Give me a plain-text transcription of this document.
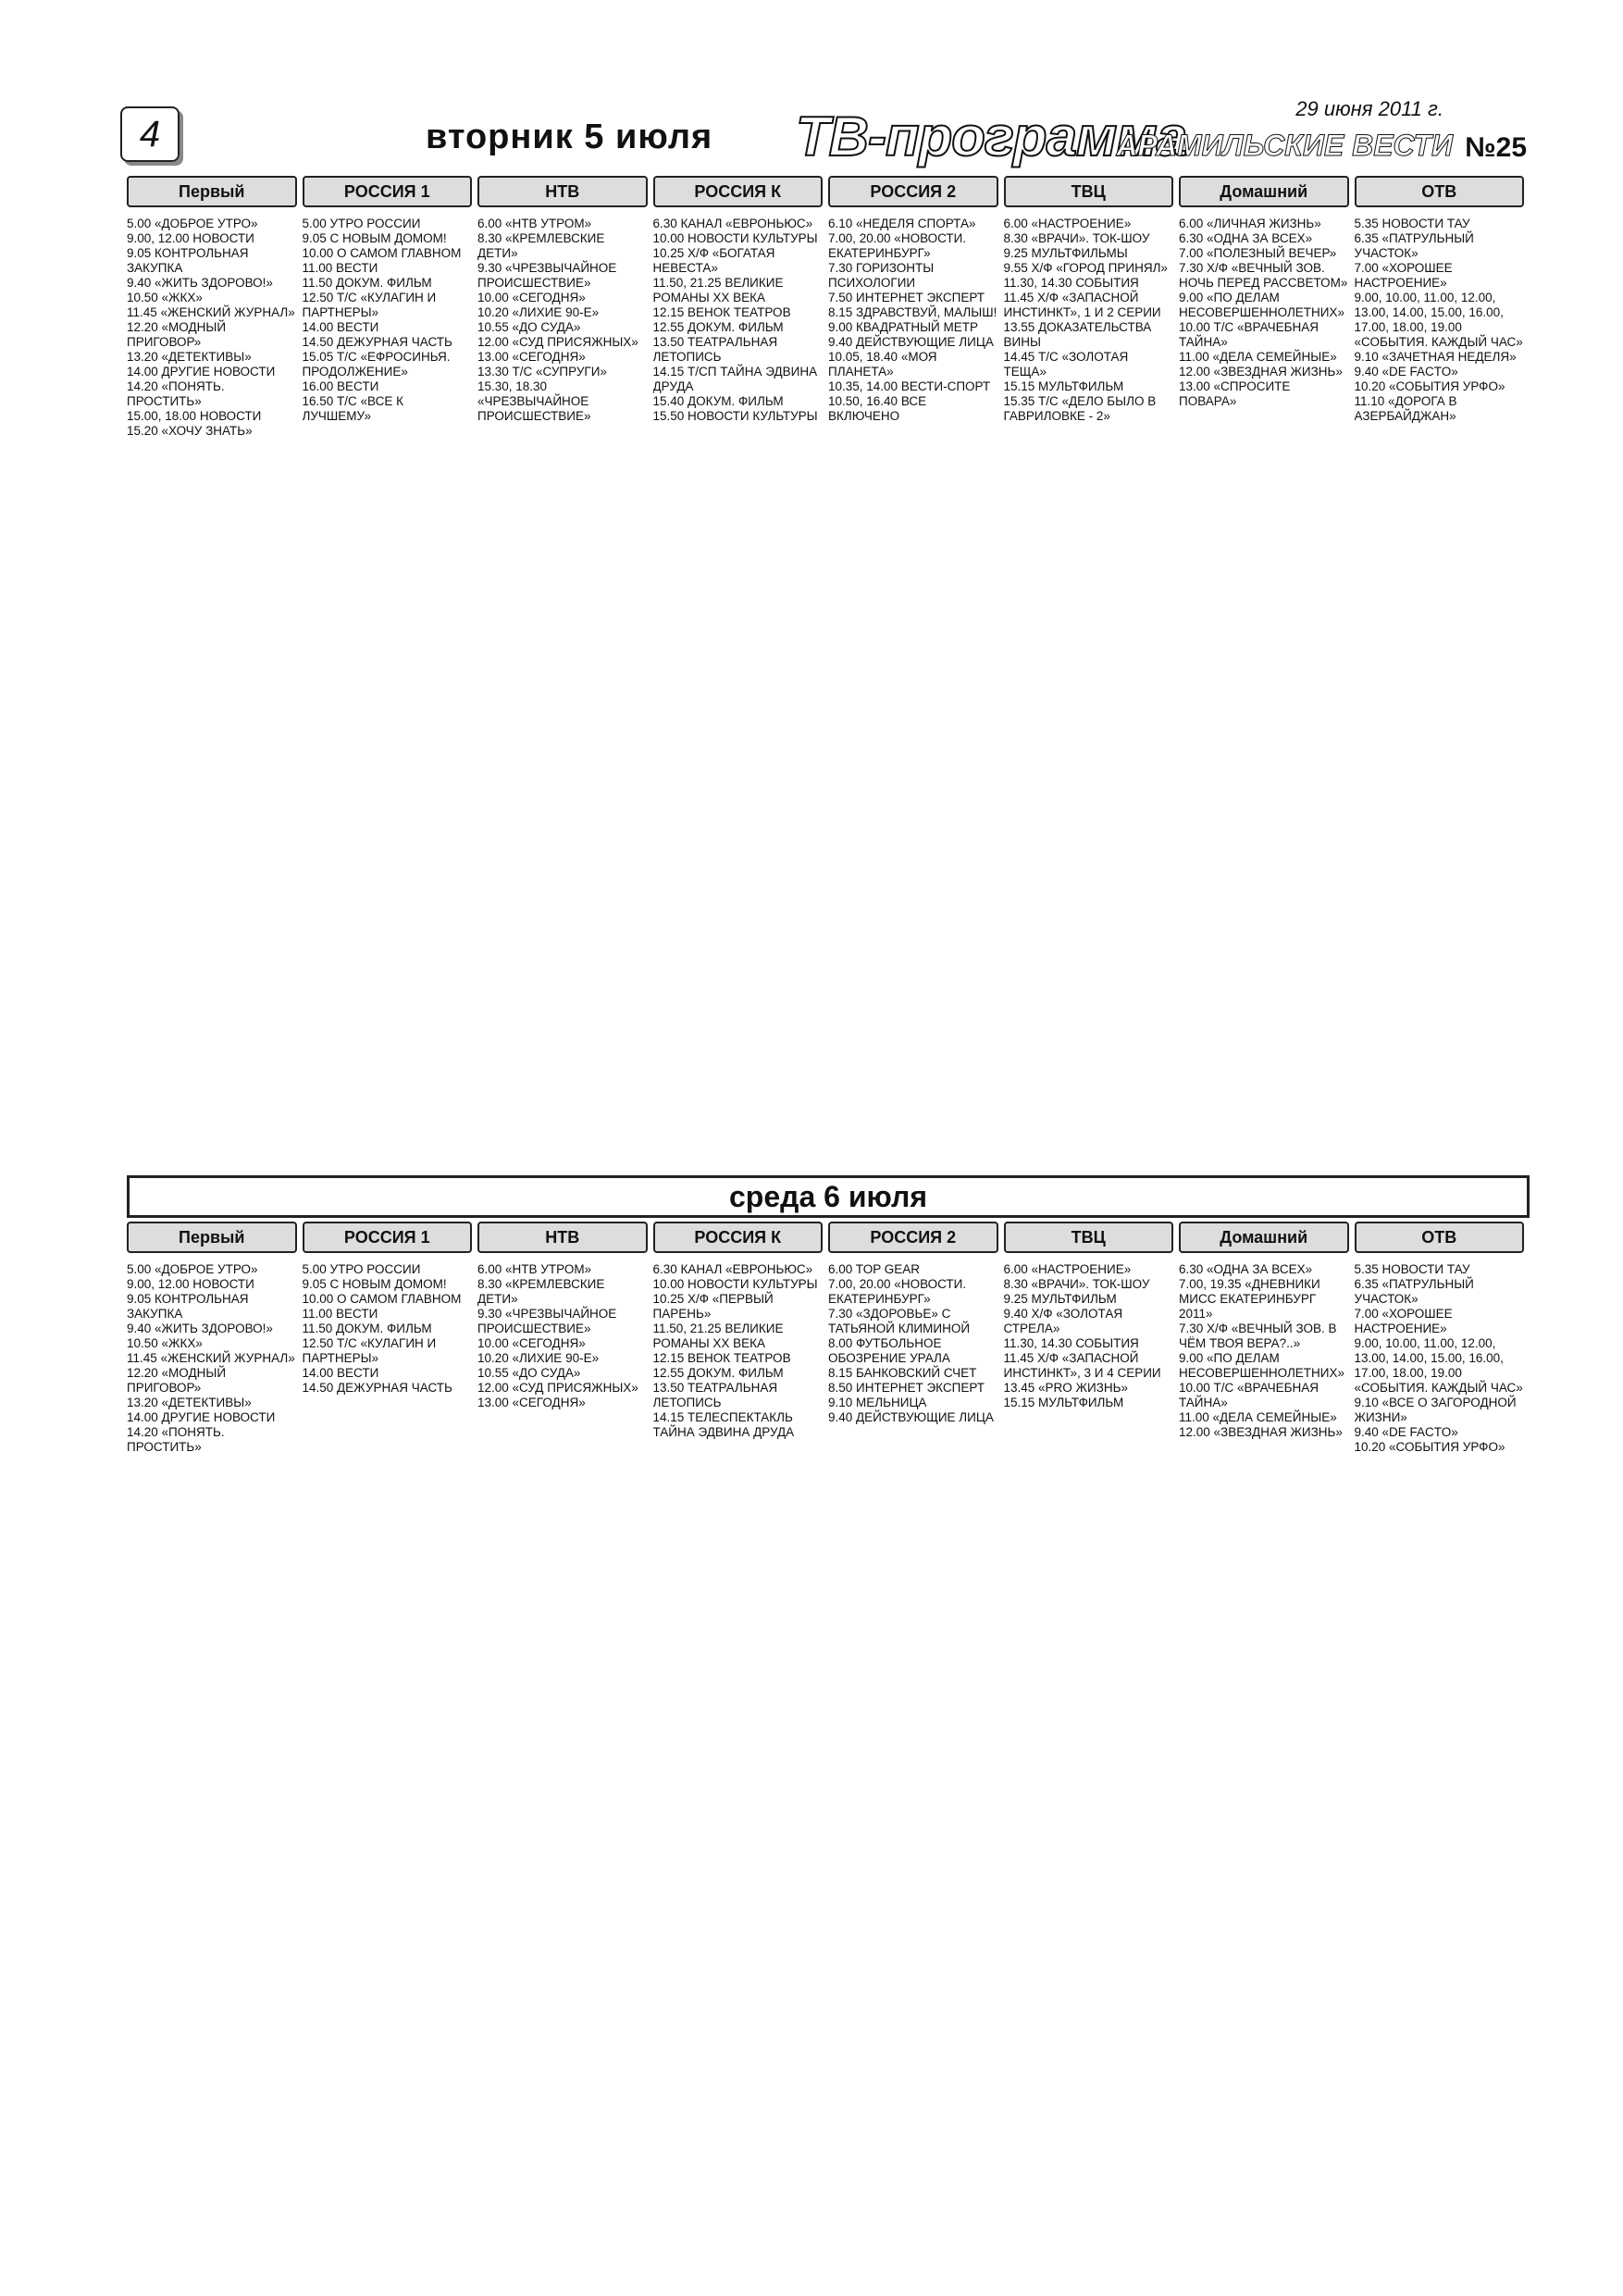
4	вторник 5 июля ТВ-программа	29 июня 2011 г.
АРАМИЛЬСКИЕ ВЕСТИ №25
Первый
5.00 «ДОБРОЕ УТРО»
9.00, 12.00 НОВОСТИ
9.05 КОНТРОЛЬНАЯ ЗАКУПКА
9.40 «ЖИТЬ ЗДОРОВО!»
10.50 «ЖКХ»
11.45 «ЖЕНСКИЙ ЖУРНАЛ»
12.20 «МОДНЫЙ ПРИГОВОР»
13.20 «ДЕТЕКТИВЫ»
14.00 ДРУГИЕ НОВОСТИ
14.20 «ПОНЯТЬ. ПРОСТИТЬ»
15.00, 18.00 НОВОСТИ
15.20 «ХОЧУ ЗНАТЬ»
РОССИЯ 1
5.00 УТРО РОССИИ
9.05 С НОВЫМ ДОМОМ!
10.00 О САМОМ ГЛАВНОМ
11.00 ВЕСТИ
11.50 ДОКУМ. ФИЛЬМ
12.50 Т/С «КУЛАГИН И ПАРТНЕРЫ»
14.00 ВЕСТИ
14.50 ДЕЖУРНАЯ ЧАСТЬ
15.05 Т/С «ЕФРОСИНЬЯ. ПРОДОЛЖЕНИЕ»
16.00 ВЕСТИ
16.50 Т/С «ВСЕ К ЛУЧШЕМУ»
НТВ
6.00 «НТВ УТРОМ»
8.30 «КРЕМЛЕВСКИЕ ДЕТИ»
9.30 «ЧРЕЗВЫЧАЙНОЕ ПРОИСШЕСТВИЕ»
10.00 «СЕГОДНЯ»
10.20 «ЛИХИЕ 90-Е»
10.55 «ДО СУДА»
12.00 «СУД ПРИСЯЖНЫХ»
13.00 «СЕГОДНЯ»
13.30 Т/С «СУПРУГИ»
15.30, 18.30 «ЧРЕЗВЫЧАЙНОЕ ПРОИСШЕСТВИЕ»
РОССИЯ К
6.30 КАНАЛ «ЕВРОНЬЮС»
10.00 НОВОСТИ КУЛЬТУРЫ
10.25 Х/Ф «БОГАТАЯ НЕВЕСТА»
11.50, 21.25 ВЕЛИКИЕ РОМАНЫ XX ВЕКА
12.15 ВЕНОК ТЕАТРОВ
12.55 ДОКУМ. ФИЛЬМ
13.50 ТЕАТРАЛЬНАЯ ЛЕТОПИСЬ
14.15 Т/СП ТАЙНА ЭДВИНА ДРУДА
15.40 ДОКУМ. ФИЛЬМ
15.50 НОВОСТИ КУЛЬТУРЫ
РОССИЯ 2
6.10 «НЕДЕЛЯ СПОРТА»
7.00, 20.00 «НОВОСТИ. ЕКАТЕРИНБУРГ»
7.30 ГОРИЗОНТЫ ПСИХОЛОГИИ
7.50 ИНТЕРНЕТ ЭКСПЕРТ
8.15 ЗДРАВСТВУЙ, МАЛЫШ!
9.00 КВАДРАТНЫЙ МЕТР
9.40 ДЕЙСТВУЮЩИЕ ЛИЦА
10.05, 18.40 «МОЯ ПЛАНЕТА»
10.35, 14.00 ВЕСТИ-СПОРТ
10.50, 16.40 ВСЕ ВКЛЮЧЕНО
ТВЦ
6.00 «НАСТРОЕНИЕ»
8.30 «ВРАЧИ». ТОК-ШОУ
9.25 МУЛЬТФИЛЬМЫ
9.55 Х/Ф «ГОРОД ПРИНЯЛ»
11.30, 14.30 СОБЫТИЯ
11.45 Х/Ф «ЗАПАСНОЙ ИНСТИНКТ», 1 И 2 СЕРИИ
13.55 ДОКАЗАТЕЛЬСТВА ВИНЫ
14.45 Т/С «ЗОЛОТАЯ ТЕЩА»
15.15 МУЛЬТФИЛЬМ
15.35 Т/С «ДЕЛО БЫЛО В ГАВРИЛОВКЕ - 2»
Домашний
6.00 «ЛИЧНАЯ ЖИЗНЬ»
6.30 «ОДНА ЗА ВСЕХ»
7.00 «ПОЛЕЗНЫЙ ВЕЧЕР»
7.30 Х/Ф «ВЕЧНЫЙ ЗОВ. НОЧЬ ПЕРЕД РАССВЕТОМ»
9.00 «ПО ДЕЛАМ НЕСОВЕРШЕННОЛЕТНИХ»
10.00 Т/С «ВРАЧЕБНАЯ ТАЙНА»
11.00 «ДЕЛА СЕМЕЙНЫЕ»
12.00 «ЗВЕЗДНАЯ ЖИЗНЬ»
13.00 «СПРОСИТЕ ПОВАРА»
ОТВ
5.35 НОВОСТИ ТАУ
6.35 «ПАТРУЛЬНЫЙ УЧАСТОК»
7.00 «ХОРОШЕЕ НАСТРОЕНИЕ»
9.00, 10.00, 11.00, 12.00, 13.00, 14.00, 15.00, 16.00, 17.00, 18.00, 19.00 «СОБЫТИЯ. КАЖДЫЙ ЧАС»
9.10 «ЗАЧЕТНАЯ НЕДЕЛЯ»
9.40 «DE FACTO»
10.20 «СОБЫТИЯ УРФО»
11.10 «ДОРОГА В АЗЕРБАЙДЖАН»
среда 6 июля
Первый
5.00 «ДОБРОЕ УТРО»
9.00, 12.00 НОВОСТИ
9.05 КОНТРОЛЬНАЯ ЗАКУПКА
9.40 «ЖИТЬ ЗДОРОВО!»
10.50 «ЖКХ»
11.45 «ЖЕНСКИЙ ЖУРНАЛ»
12.20 «МОДНЫЙ ПРИГОВОР»
13.20 «ДЕТЕКТИВЫ»
14.00 ДРУГИЕ НОВОСТИ
14.20 «ПОНЯТЬ. ПРОСТИТЬ»
РОССИЯ 1
5.00 УТРО РОССИИ
9.05 С НОВЫМ ДОМОМ!
10.00 О САМОМ ГЛАВНОМ
11.00 ВЕСТИ
11.50 ДОКУМ. ФИЛЬМ
12.50 Т/С «КУЛАГИН И ПАРТНЕРЫ»
14.00 ВЕСТИ
14.50 ДЕЖУРНАЯ ЧАСТЬ
НТВ
6.00 «НТВ УТРОМ»
8.30 «КРЕМЛЕВСКИЕ ДЕТИ»
9.30 «ЧРЕЗВЫЧАЙНОЕ ПРОИСШЕСТВИЕ»
10.00 «СЕГОДНЯ»
10.20 «ЛИХИЕ 90-Е»
10.55 «ДО СУДА»
12.00 «СУД ПРИСЯЖНЫХ»
13.00 «СЕГОДНЯ»
РОССИЯ К
6.30 КАНАЛ «ЕВРОНЬЮС»
10.00 НОВОСТИ КУЛЬТУРЫ
10.25 Х/Ф «ПЕРВЫЙ ПАРЕНЬ»
11.50, 21.25 ВЕЛИКИЕ РОМАНЫ XX ВЕКА
12.15 ВЕНОК ТЕАТРОВ
12.55 ДОКУМ. ФИЛЬМ
13.50 ТЕАТРАЛЬНАЯ ЛЕТОПИСЬ
14.15 ТЕЛЕСПЕКТАКЛЬ ТАЙНА ЭДВИНА ДРУДА
РОССИЯ 2
6.00 TOP GEAR
7.00, 20.00 «НОВОСТИ. ЕКАТЕРИНБУРГ»
7.30 «ЗДОРОВЬЕ» С ТАТЬЯНОЙ КЛИМИНОЙ
8.00 ФУТБОЛЬНОЕ ОБОЗРЕНИЕ УРАЛА
8.15 БАНКОВСКИЙ СЧЕТ
8.50 ИНТЕРНЕТ ЭКСПЕРТ
9.10 МЕЛЬНИЦА
9.40 ДЕЙСТВУЮЩИЕ ЛИЦА
ТВЦ
6.00 «НАСТРОЕНИЕ»
8.30 «ВРАЧИ». ТОК-ШОУ
9.25 МУЛЬТФИЛЬМ
9.40 Х/Ф «ЗОЛОТАЯ СТРЕЛА»
11.30, 14.30 СОБЫТИЯ
11.45 Х/Ф «ЗАПАСНОЙ ИНСТИНКТ», 3 И 4 СЕРИИ
13.45 «PRO ЖИЗНЬ»
15.15 МУЛЬТФИЛЬМ
Домашний
6.30 «ОДНА ЗА ВСЕХ»
7.00, 19.35 «ДНЕВНИКИ МИСС ЕКАТЕРИНБУРГ 2011»
7.30 Х/Ф «ВЕЧНЫЙ ЗОВ. В ЧЁМ ТВОЯ ВЕРА?..»
9.00 «ПО ДЕЛАМ НЕСОВЕРШЕННОЛЕТНИХ»
10.00 Т/С «ВРАЧЕБНАЯ ТАЙНА»
11.00 «ДЕЛА СЕМЕЙНЫЕ»
12.00 «ЗВЕЗДНАЯ ЖИЗНЬ»
ОТВ
5.35 НОВОСТИ ТАУ
6.35 «ПАТРУЛЬНЫЙ УЧАСТОК»
7.00 «ХОРОШЕЕ НАСТРОЕНИЕ»
9.00, 10.00, 11.00, 12.00, 13.00, 14.00, 15.00, 16.00, 17.00, 18.00, 19.00 «СОБЫТИЯ. КАЖДЫЙ ЧАС»
9.10 «ВСЕ О ЗАГОРОДНОЙ ЖИЗНИ»
9.40 «DE FACTO»
10.20 «СОБЫТИЯ УРФО»
